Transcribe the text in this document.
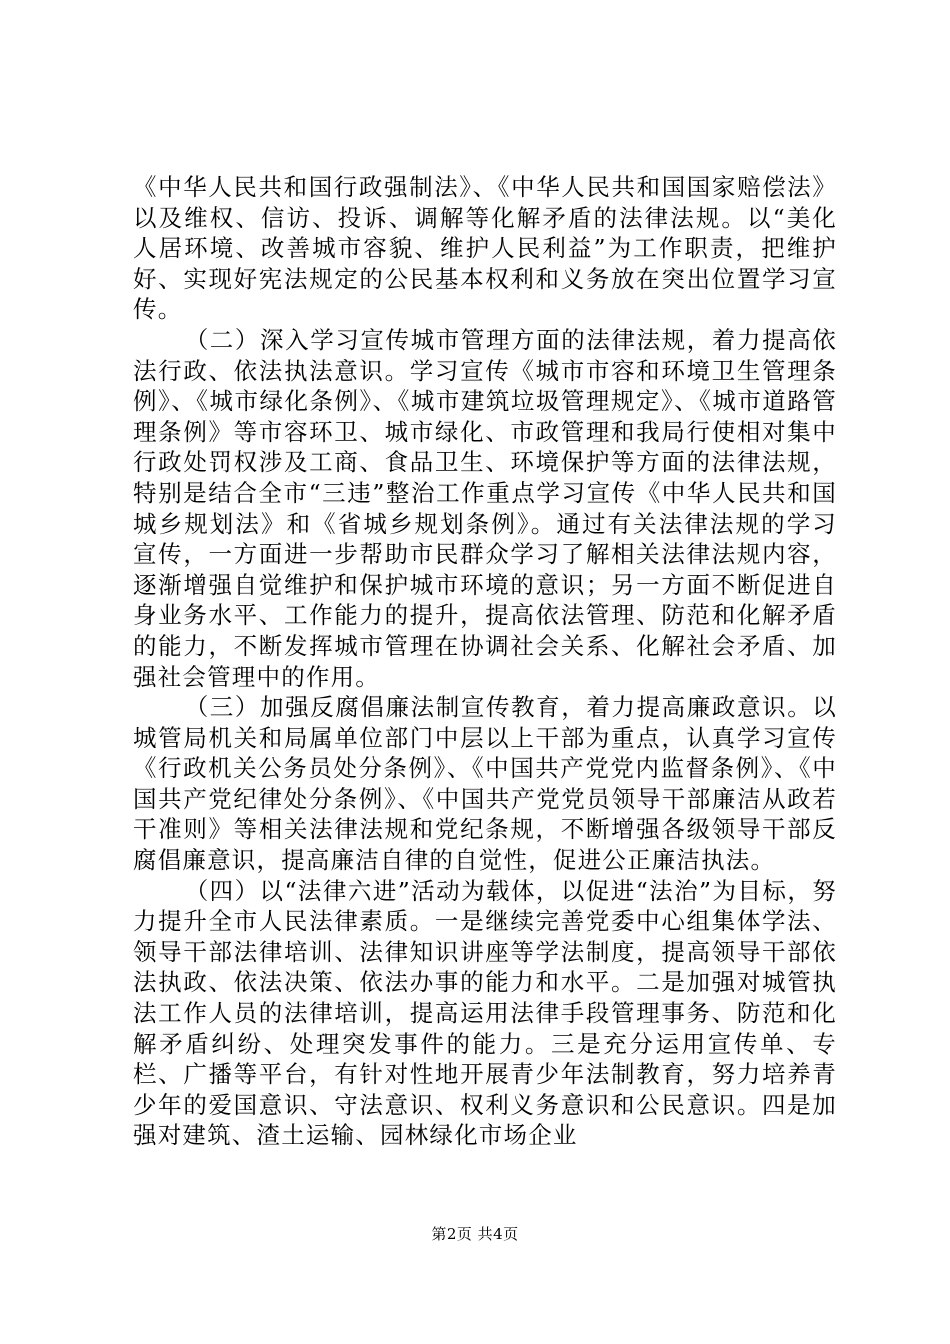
《中华人民共和国行政强制法》、《中华人民共和国国家赔偿法》以及维权、信访、投诉、调解等化解矛盾的法律法规。以“美化人居环境、改善城市容貌、维护人民利益”为工作职责，把维护好、实现好宪法规定的公民基本权利和义务放在突出位置学习宣传。

（二）深入学习宣传城市管理方面的法律法规，着力提高依法行政、依法执法意识。学习宣传《城市市容和环境卫生管理条例》、《城市绿化条例》、《城市建筑垃圾管理规定》、《城市道路管理条例》等市容环卫、城市绿化、市政管理和我局行使相对集中行政处罚权涉及工商、食品卫生、环境保护等方面的法律法规，特别是结合全市“三违”整治工作重点学习宣传《中华人民共和国城乡规划法》和《省城乡规划条例》。通过有关法律法规的学习宣传，一方面进一步帮助市民群众学习了解相关法律法规内容，逐渐增强自觉维护和保护城市环境的意识；另一方面不断促进自身业务水平、工作能力的提升，提高依法管理、防范和化解矛盾的能力，不断发挥城市管理在协调社会关系、化解社会矛盾、加强社会管理中的作用。

（三）加强反腐倡廉法制宣传教育，着力提高廉政意识。以城管局机关和局属单位部门中层以上干部为重点，认真学习宣传《行政机关公务员处分条例》、《中国共产党党内监督条例》、《中国共产党纪律处分条例》、《中国共产党党员领导干部廉洁从政若干准则》等相关法律法规和党纪条规，不断增强各级领导干部反腐倡廉意识，提高廉洁自律的自觉性，促进公正廉洁执法。

（四）以“法律六进”活动为载体，以促进“法治”为目标，努力提升全市人民法律素质。一是继续完善党委中心组集体学法、领导干部法律培训、法律知识讲座等学法制度，提高领导干部依法执政、依法决策、依法办事的能力和水平。二是加强对城管执法工作人员的法律培训，提高运用法律手段管理事务、防范和化解矛盾纠纷、处理突发事件的能力。三是充分运用宣传单、专栏、广播等平台，有针对性地开展青少年法制教育，努力培养青少年的爱国意识、守法意识、权利义务意识和公民意识。四是加强对建筑、渣土运输、园林绿化市场企业

第2页 共4页
